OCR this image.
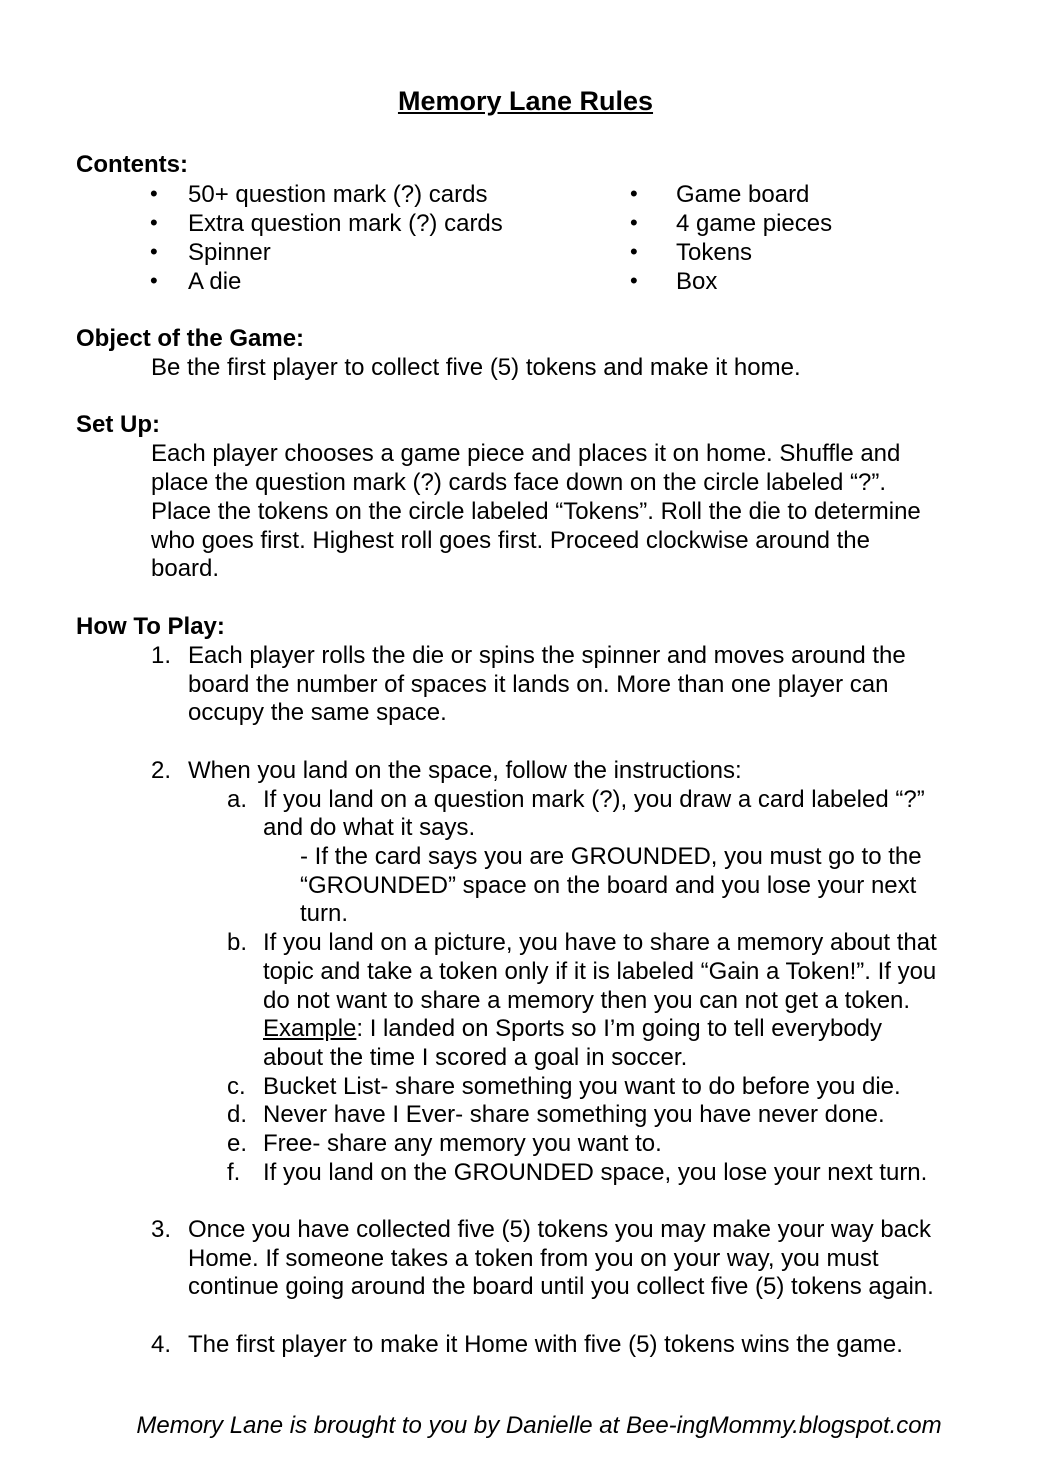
Memory Lane Rules
Contents:
• 50+ question mark (?) cards
• Extra question mark (?) cards
• Spinner
• A die
• Game board
• 4 game pieces
• Tokens
• Box
Object of the Game:
Be the first player to collect five (5) tokens and make it home.
Set Up:
Each player chooses a game piece and places it on home. Shuffle and
place the question mark (?) cards face down on the circle labeled “?”.
Place the tokens on the circle labeled “Tokens”. Roll the die to determine
who goes first. Highest roll goes first. Proceed clockwise around the
board.
How To Play:
1. Each player rolls the die or spins the spinner and moves around the
board the number of spaces it lands on. More than one player can
occupy the same space.
2. When you land on the space, follow the instructions:
a. If you land on a question mark (?), you draw a card labeled “?”
and do what it says.
- If the card says you are GROUNDED, you must go to the
“GROUNDED” space on the board and you lose your next
turn.
b. If you land on a picture, you have to share a memory about that
topic and take a token only if it is labeled “Gain a Token!”. If you
do not want to share a memory then you can not get a token.
Example: I landed on Sports so I’m going to tell everybody
about the time I scored a goal in soccer.
c. Bucket List- share something you want to do before you die.
d. Never have I Ever- share something you have never done.
e. Free- share any memory you want to.
f. If you land on the GROUNDED space, you lose your next turn.
3. Once you have collected five (5) tokens you may make your way back
Home. If someone takes a token from you on your way, you must
continue going around the board until you collect five (5) tokens again.
4. The first player to make it Home with five (5) tokens wins the game.
Memory Lane is brought to you by Danielle at Bee-ingMommy.blogspot.com
